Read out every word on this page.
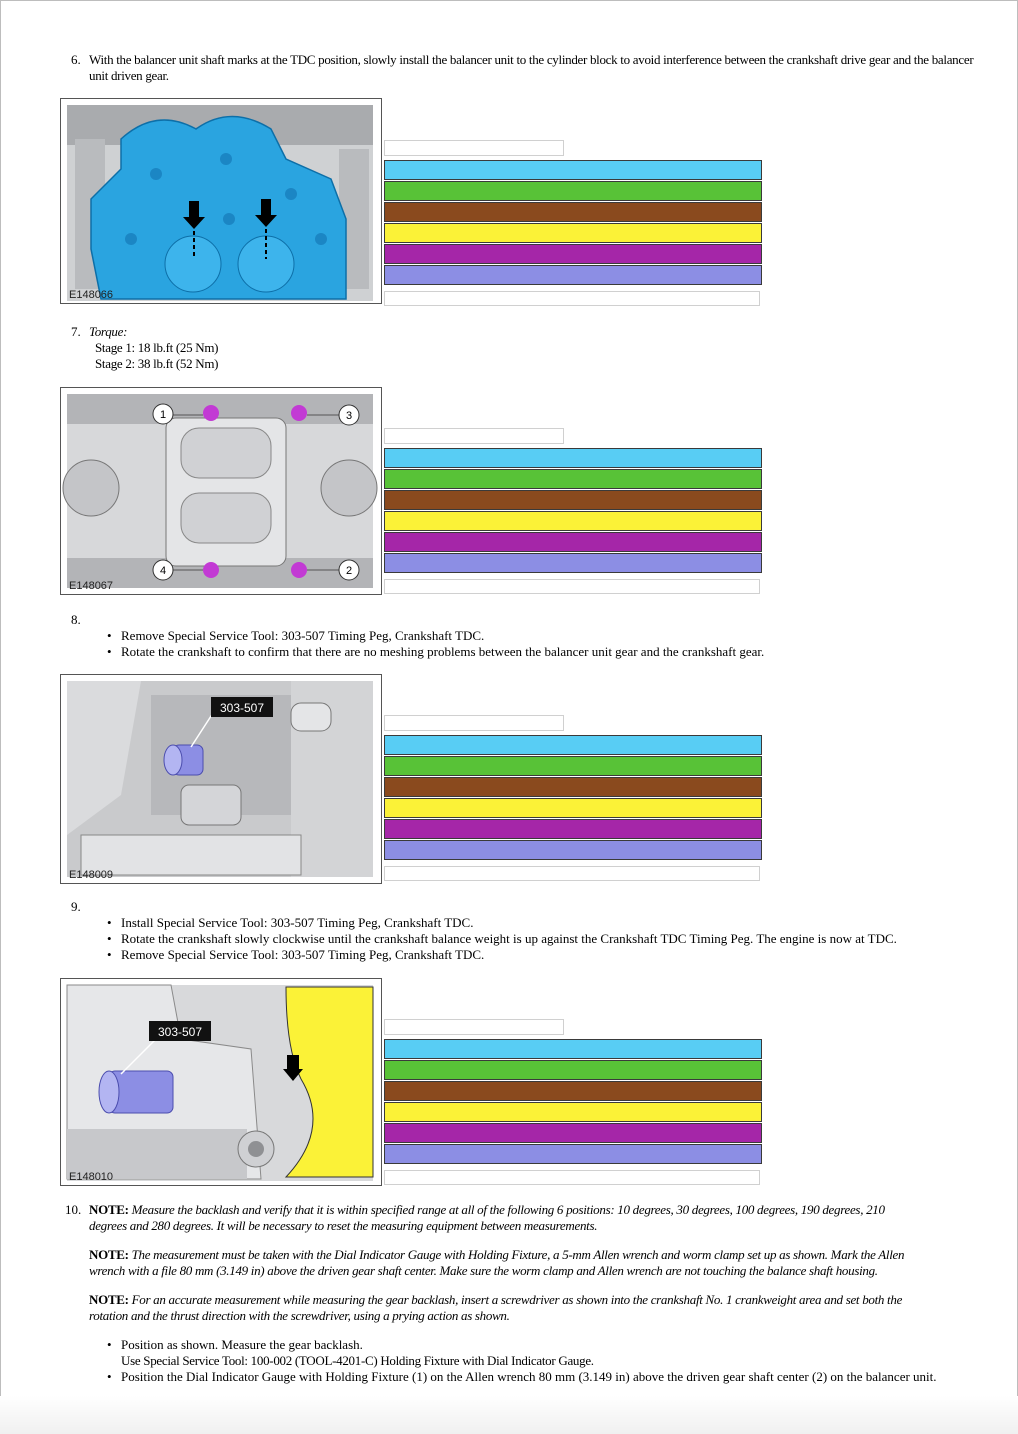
6. With the balancer unit shaft marks at the TDC position, slowly install the balancer unit to the cylinder block to avoid interference between the crankshaft drive gear and the balancer
unit driven gear.
E148066
7. Torque:
Stage 1: 18 lb.ft (25 Nm)
Stage 2: 38 lb.ft (52 Nm)
1
2
3
4
E148067
8.
• Remove Special Service Tool: 303-507 Timing Peg, Crankshaft TDC.
• Rotate the crankshaft to confirm that there are no meshing problems between the balancer unit gear and the crankshaft gear.
303-507
E148009
9.
• Install Special Service Tool: 303-507 Timing Peg, Crankshaft TDC.
• Rotate the crankshaft slowly clockwise until the crankshaft balance weight is up against the Crankshaft TDC Timing Peg. The engine is now at TDC.
• Remove Special Service Tool: 303-507 Timing Peg, Crankshaft TDC.
303-507
E148010
10. NOTE: Measure the backlash and verify that it is within specified range at all of the following 6 positions: 10 degrees, 30 degrees, 100 degrees, 190 degrees, 210
degrees and 280 degrees. It will be necessary to reset the measuring equipment between measurements.
NOTE: The measurement must be taken with the Dial Indicator Gauge with Holding Fixture, a 5-mm Allen wrench and worm clamp set up as shown. Mark the Allen
wrench with a file 80 mm (3.149 in) above the driven gear shaft center. Make sure the worm clamp and Allen wrench are not touching the balance shaft housing.
NOTE: For an accurate measurement while measuring the gear backlash, insert a screwdriver as shown into the crankshaft No. 1 crankweight area and set both the
rotation and the thrust direction with the screwdriver, using a prying action as shown.
• Position as shown. Measure the gear backlash.
Use Special Service Tool: 100-002 (TOOL-4201-C) Holding Fixture with Dial Indicator Gauge.
• Position the Dial Indicator Gauge with Holding Fixture (1) on the Allen wrench 80 mm (3.149 in) above the driven gear shaft center (2) on the balancer unit.
